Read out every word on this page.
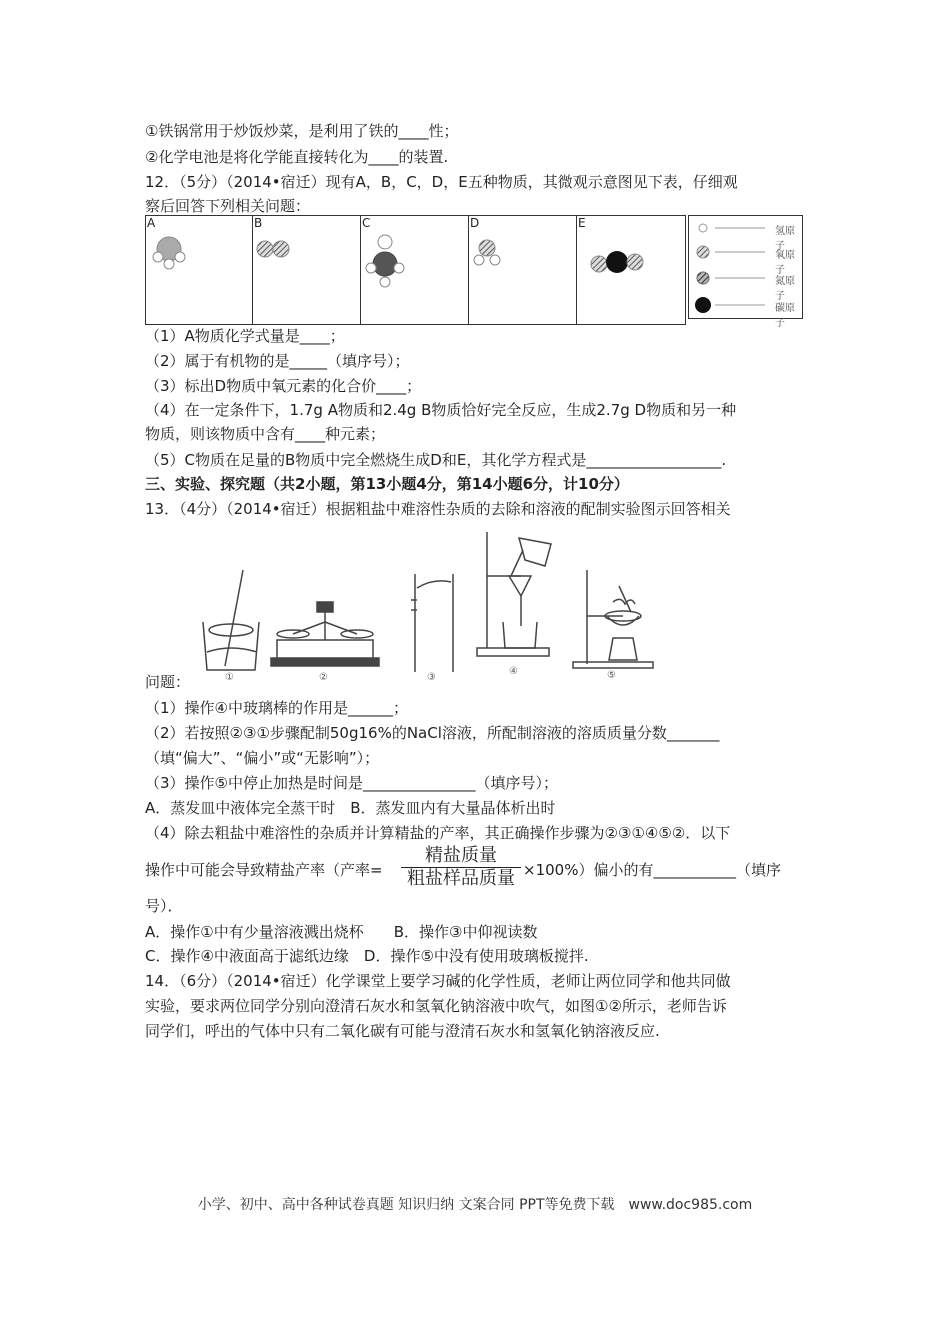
①铁锅常用于炒饭炒菜，是利用了铁的____性；
②化学电池是将化学能直接转化为____的装置.
12．（5分）（2014•宿迁）现有A，B，C，D，E五种物质，其微观示意图见下表，仔细观
察后回答下列相关问题：
A	B	C	D	E
氢原子
氧原子
氮原子
碳原子
（1）A物质化学式量是____；
（2）属于有机物的是_____（填序号）；
（3）标出D物质中氧元素的化合价____；
（4）在一定条件下，1.7g A物质和2.4g B物质恰好完全反应，生成2.7g D物质和另一种
物质，则该物质中含有____种元素；
（5）C物质在足量的B物质中完全燃烧生成D和E，其化学方程式是__________________.
三、实验、探究题（共2小题，第13小题4分，第14小题6分，计10分）
13．（4分）（2014•宿迁）根据粗盐中难溶性杂质的去除和溶液的配制实验图示回答相关
①	②	③
④	⑤
问题：
（1）操作④中玻璃棒的作用是______；
（2）若按照②③①步骤配制50g16%的NaCl溶液，所配制溶液的溶质质量分数_______
（填“偏大”、“偏小”或“无影响”）；
（3）操作⑤中停止加热是时间是_______________（填序号）；
A．蒸发皿中液体完全蒸干时　B．蒸发皿内有大量晶体析出时
（4）除去粗盐中难溶性的杂质并计算精盐的产率，其正确操作步骤为②③①④⑤②．以下
操作中可能会导致精盐产率（产率=
精盐质量
粗盐样品质量 ×100%）偏小的有___________（填序
号）．
A．操作①中有少量溶液溅出烧杯　　B．操作③中仰视读数
C．操作④中液面高于滤纸边缘　D．操作⑤中没有使用玻璃板搅拌.
14．（6分）（2014•宿迁）化学课堂上要学习碱的化学性质，老师让两位同学和他共同做
实验，要求两位同学分别向澄清石灰水和氢氧化钠溶液中吹气，如图①②所示，老师告诉
同学们，呼出的气体中只有二氧化碳有可能与澄清石灰水和氢氧化钠溶液反应.
小学、初中、高中各种试卷真题 知识归纳 文案合同 PPT等免费下载　www.doc985.com
